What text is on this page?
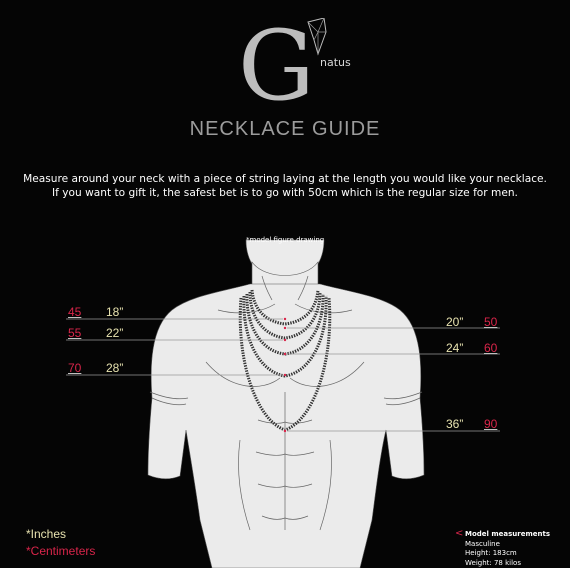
G natus
NECKLACE GUIDE
Measure around your neck with a piece of string laying at the length you would like your necklace.
If you want to gift it, the safest bet is to go with 50cm which is the regular size for men.
*model figure drawing
45 18”
55 22”
70 28”
20” 50
24” 60
36” 90
*Inches
*Centimeters
< Model measurements
Masculine
Height: 183cm
Weight: 78 kilos
